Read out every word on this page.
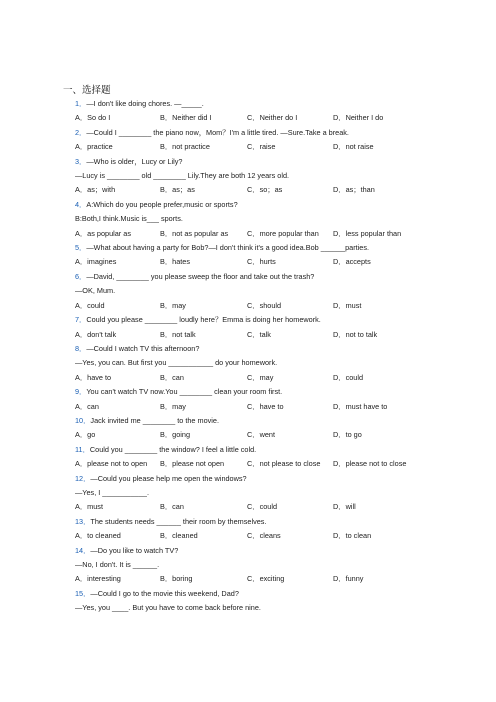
一、选择题
1．—I don't like doing chores. —_____.
A．So do I	B．Neither did I	C．Neither do I	D．Neither I do
2．—Could I ________ the piano now，Mom？I'm a little tired. —Sure.Take a break.
A．practice	B．not practice	C．raise	D．not raise
3．—Who is older，Lucy or Lily?
—Lucy is ________ old ________ Lily.They are both 12 years old.
A．as；with	B．as；as	C．so；as	D．as；than
4．A:Which do you people prefer,music or sports?
B:Both,I think.Music is___ sports.
A．as popular as	B．not as popular as	C．more popular than	D．less popular than
5．—What about having a party for Bob?—I don't think it's a good idea.Bob ______parties.
A．imagines	B．hates	C．hurts	D．accepts
6．—David, ________ you please sweep the floor and take out the trash?
—OK, Mum.
A．could	B．may	C．should	D．must
7．Could you please ________ loudly here？Emma is doing her homework.
A．don't talk	B．not talk	C．talk	D．not to talk
8．—Could I watch TV this afternoon?
—Yes, you can. But first you ___________ do your homework.
A．have to	B．can	C．may	D．could
9．You can't watch TV now.You ________ clean your room first.
A．can	B．may	C．have to	D．must have to
10．Jack invited me ________ to the movie.
A．go	B．going	C．went	D．to go
11．Could you ________ the window? I feel a little cold.
A．please not to open	B．please not open	C．not please to close	D．please not to close
12．—Could you please help me open the windows?
—Yes, I ___________.
A．must	B．can	C．could	D．will
13．The students needs ______ their room by themselves.
A．to cleaned	B．cleaned	C．cleans	D．to clean
14．—Do you like to watch TV?
—No, I don't. It is ______.
A．interesting	B．boring	C．exciting	D．funny
15．—Could I go to the movie this weekend, Dad?
—Yes, you ____. But you have to come back before nine.
